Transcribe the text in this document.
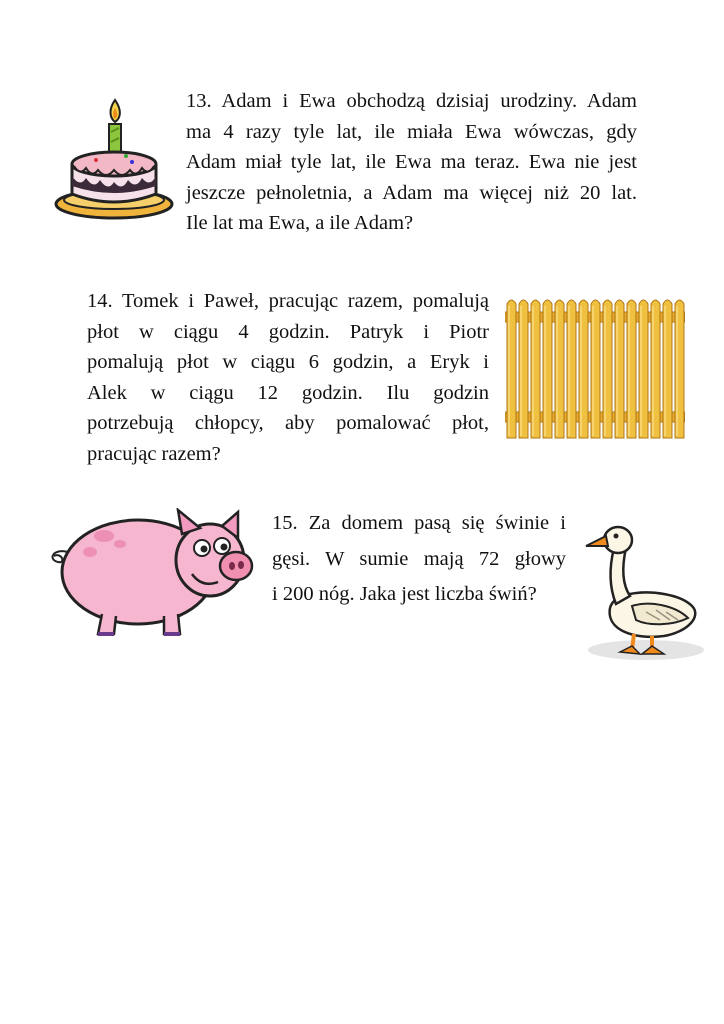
13. Adam i Ewa obchodzą dzisiaj urodziny. Adam
ma 4 razy tyle lat, ile miała Ewa wówczas, gdy
Adam miał tyle lat, ile Ewa ma teraz. Ewa nie jest
jeszcze pełnoletnia, a Adam ma więcej niż 20 lat.
Ile lat ma Ewa, a ile Adam?
14. Tomek i Paweł, pracując razem, pomalują
płot w ciągu 4 godzin. Patryk i Piotr
pomalują płot w ciągu 6 godzin, a Eryk i
Alek w ciągu 12 godzin. Ilu godzin
potrzebują chłopcy, aby pomalować płot,
pracując razem?
15. Za domem pasą się świnie i
gęsi. W sumie mają 72 głowy
i 200 nóg. Jaka jest liczba świń?
